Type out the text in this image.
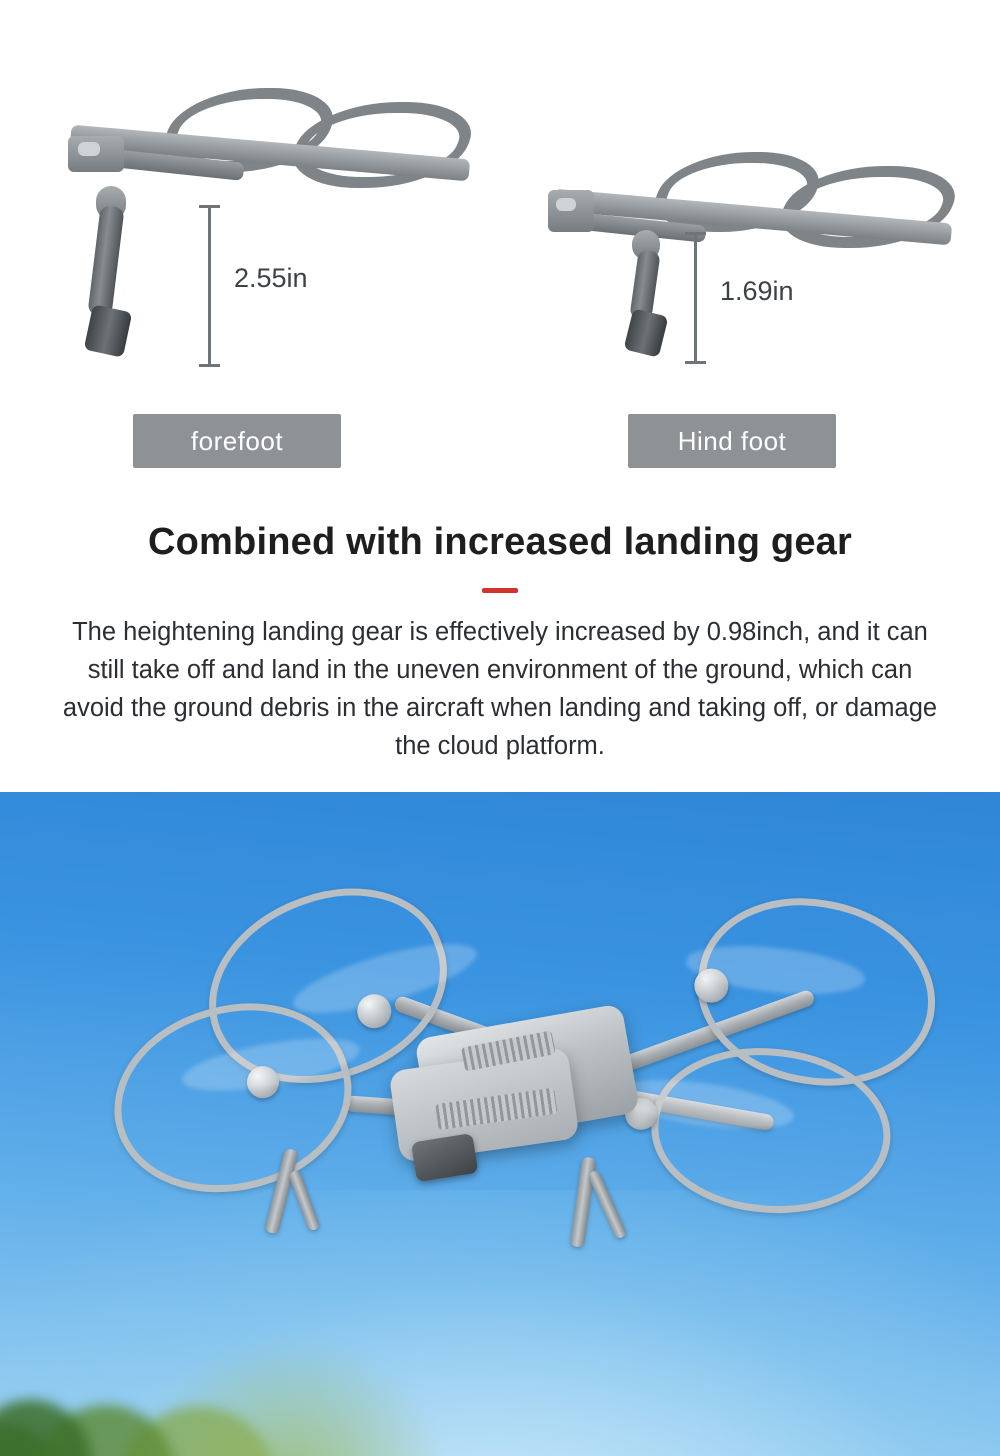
2.55in	1.69in
forefoot	Hind foot
Combined with increased landing gear

The heightening landing gear is effectively increased by 0.98inch, and it can still take off and land in the uneven environment of the ground, which can avoid the ground debris in the aircraft when landing and taking off, or damage the cloud platform.
